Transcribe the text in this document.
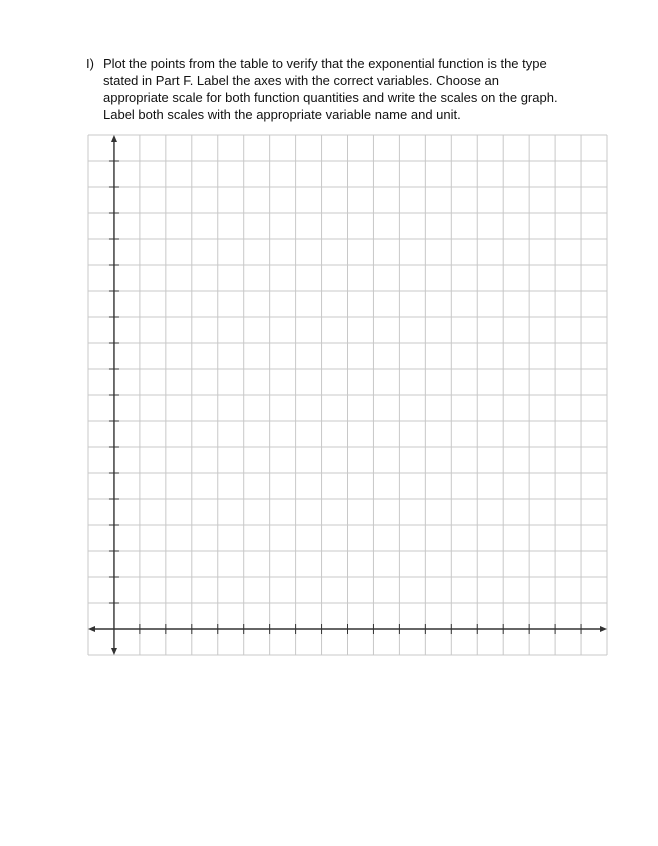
I) Plot the points from the table to verify that the exponential function is the type
stated in Part F. Label the axes with the correct variables. Choose an
appropriate scale for both function quantities and write the scales on the graph.
Label both scales with the appropriate variable name and unit.
